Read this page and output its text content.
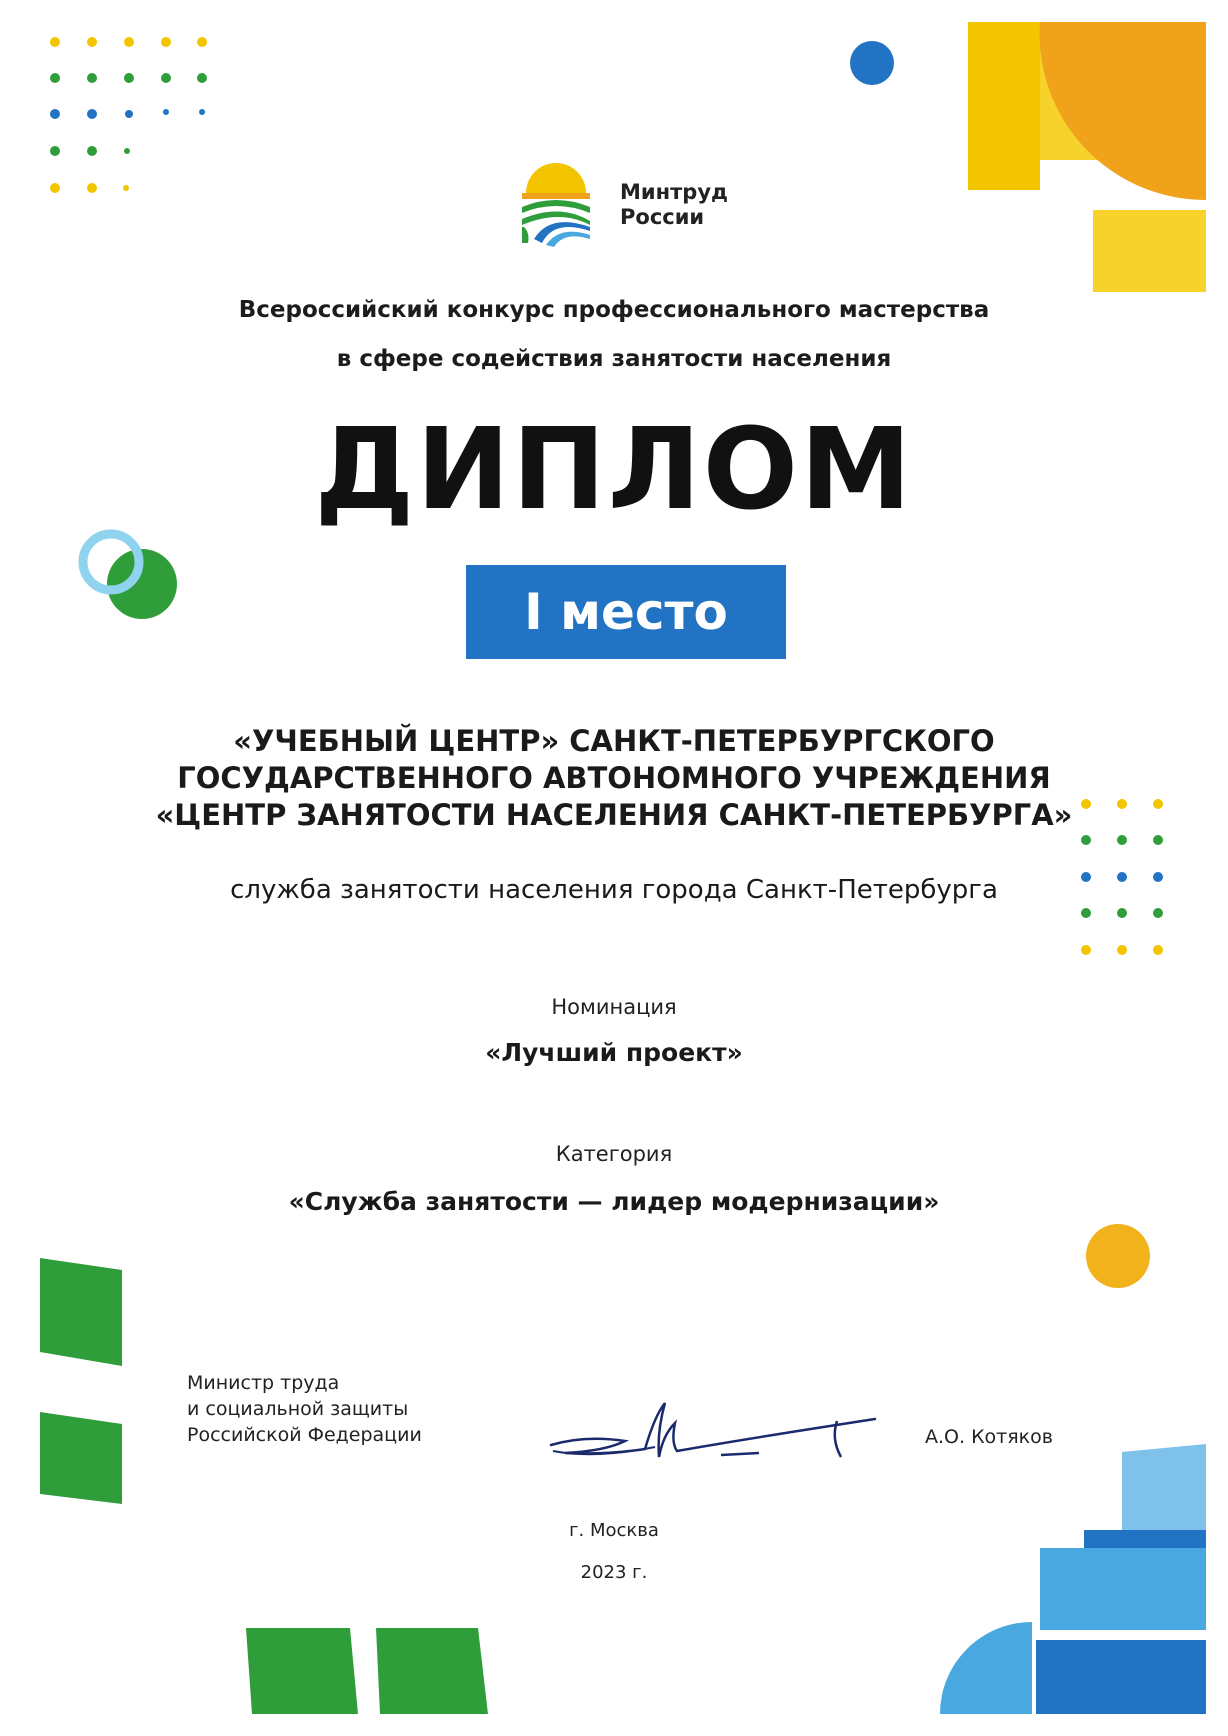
Минтруд
России
Всероссийский конкурс профессионального мастерства
в сфере содействия занятости населения
ДИПЛОМ
I место
«УЧЕБНЫЙ ЦЕНТР» САНКТ-ПЕТЕРБУРГСКОГО
ГОСУДАРСТВЕННОГО АВТОНОМНОГО УЧРЕЖДЕНИЯ
«ЦЕНТР ЗАНЯТОСТИ НАСЕЛЕНИЯ САНКТ-ПЕТЕРБУРГА»
служба занятости населения города Санкт-Петербурга
Номинация
«Лучший проект»
Категория
«Служба занятости — лидер модернизации»
Министр труда
и социальной защиты
Российской Федерации	А.О. Котяков
г. Москва
2023 г.
